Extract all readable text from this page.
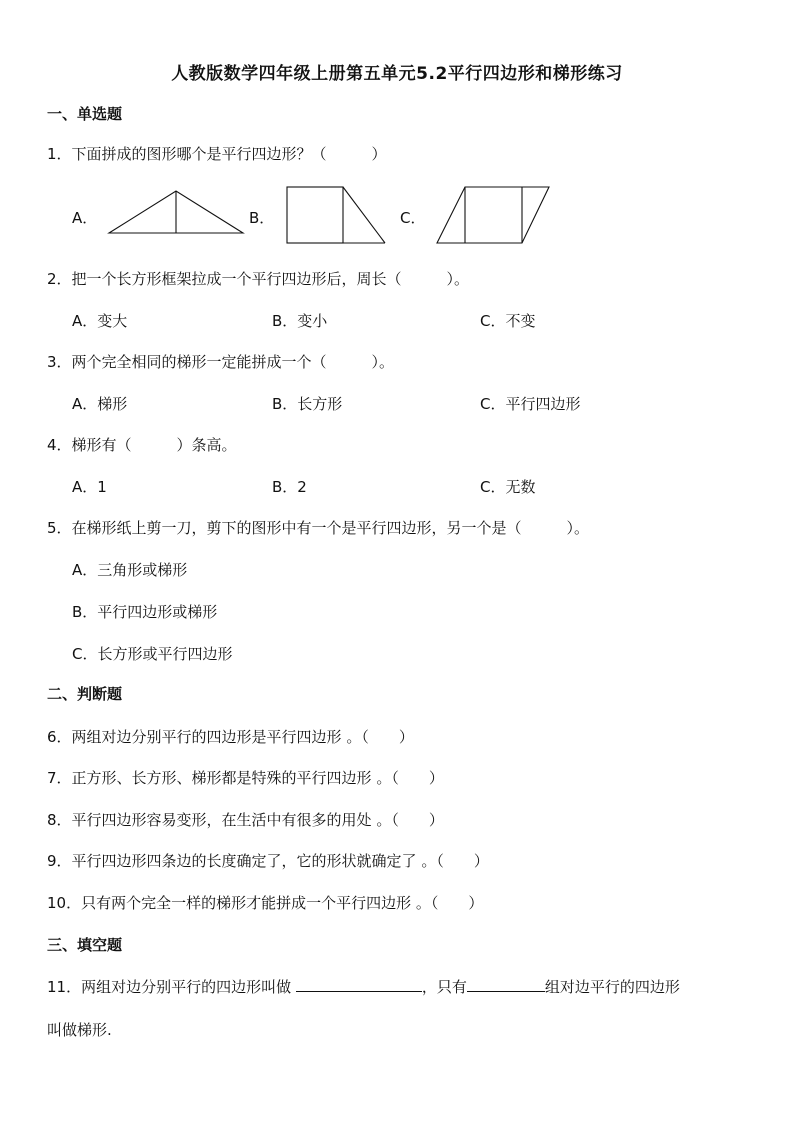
人教版数学四年级上册第五单元5.2平行四边形和梯形练习
一、单选题
1．下面拼成的图形哪个是平行四边形？（　　　）
A．	B．	C．
2．把一个长方形框架拉成一个平行四边形后，周长（　　　）。
A．变大	B．变小	C．不变
3．两个完全相同的梯形一定能拼成一个（　　　）。
A．梯形	B．长方形	C．平行四边形
4．梯形有（　　　）条高。
A．1	B．2	C．无数
5．在梯形纸上剪一刀，剪下的图形中有一个是平行四边形，另一个是（　　　）。
A．三角形或梯形
B．平行四边形或梯形
C．长方形或平行四边形
二、判断题
6．两组对边分别平行的四边形是平行四边形 。（　　）
7．正方形、长方形、梯形都是特殊的平行四边形 。（　　）
8．平行四边形容易变形，在生活中有很多的用处 。（　　）
9．平行四边形四条边的长度确定了，它的形状就确定了 。（　　）
10．只有两个完全一样的梯形才能拼成一个平行四边形 。（　　）
三、填空题
11．两组对边分别平行的四边形叫做	，只有	组对边平行的四边形
叫做梯形.
